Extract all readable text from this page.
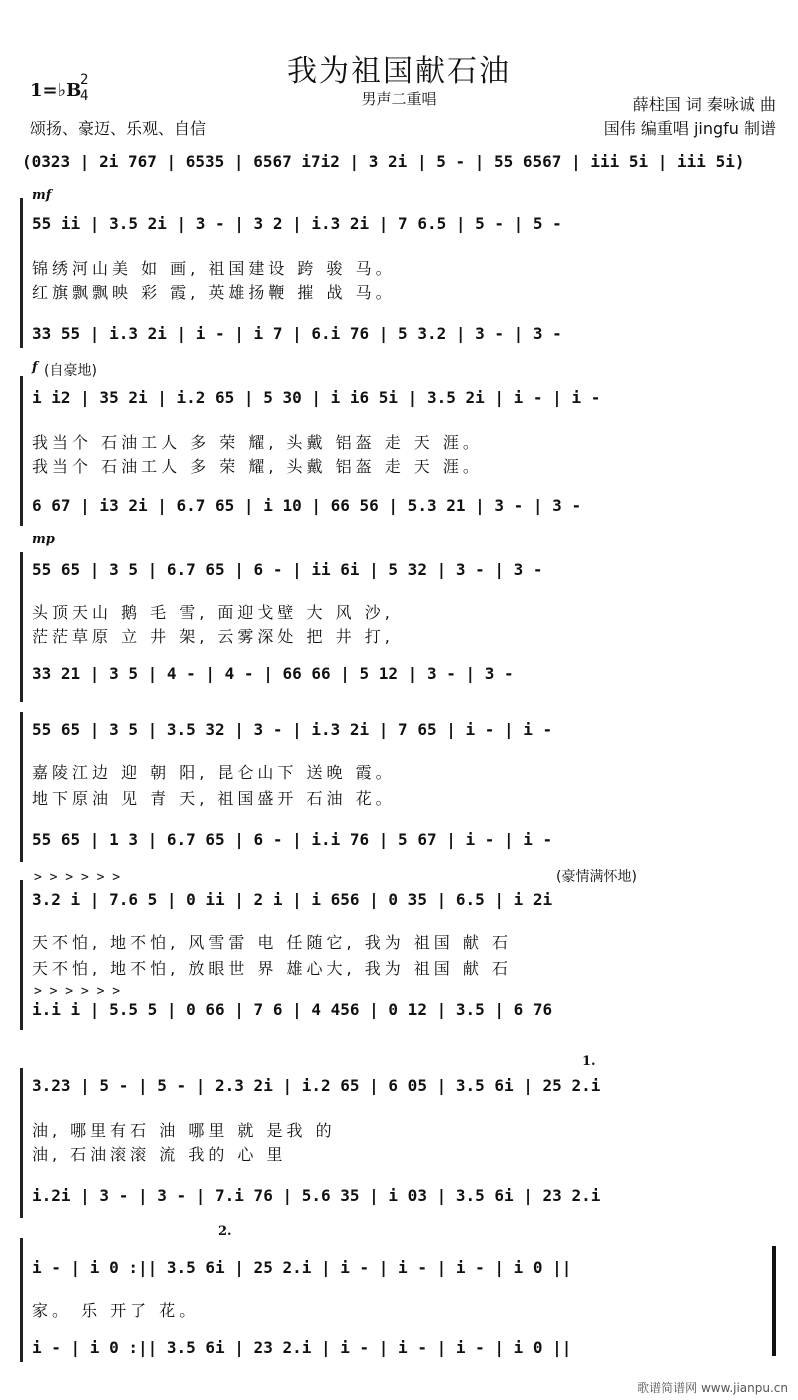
我为祖国献石油
男声二重唱
1=♭B
2
4
颂扬、豪迈、乐观、自信
薛柱国 词 秦咏诚 曲
国伟 编重唱 jingfu 制谱
(0323 | 2i 767 | 6535 | 6567 i7i2 | 3 2i | 5 - | 55 6567 | iii 5i | iii 5i)
mf
55 ii | 3.5 2i | 3 - | 3 2 | i.3 2i | 7 6.5 | 5 - | 5 -
锦绣河山美 如 画, 祖国建设 跨 骏 马。
红旗飘飘映 彩 霞, 英雄扬鞭 摧 战 马。
33 55 | i.3 2i | i - | i 7 | 6.i 76 | 5 3.2 | 3 - | 3 -
f (自豪地)
i i2 | 35 2i | i.2 65 | 5 30 | i i6 5i | 3.5 2i | i - | i -
我当个 石油工人 多 荣 耀, 头戴 铝盔 走 天 涯。
我当个 石油工人 多 荣 耀, 头戴 铝盔 走 天 涯。
6 67 | i3 2i | 6.7 65 | i 10 | 66 56 | 5.3 21 | 3 - | 3 -
mp
55 65 | 3 5 | 6.7 65 | 6 - | ii 6i | 5 32 | 3 - | 3 -
头顶天山 鹅 毛 雪, 面迎戈壁 大 风 沙,
茫茫草原 立 井 架, 云雾深处 把 井 打,
33 21 | 3 5 | 4 - | 4 - | 66 66 | 5 12 | 3 - | 3 -
55 65 | 3 5 | 3.5 32 | 3 - | i.3 2i | 7 65 | i - | i -
嘉陵江边 迎 朝 阳, 昆仑山下 送晚 霞。
地下原油 见 青 天, 祖国盛开 石油 花。
55 65 | 1 3 | 6.7 65 | 6 - | i.i 76 | 5 67 | i - | i -
> > > > > >	(豪情满怀地)
3.2 i | 7.6 5 | 0 ii | 2 i | i 656 | 0 35 | 6.5 | i 2i
天不怕, 地不怕, 风雪雷 电 任随它, 我为 祖国 献 石
天不怕, 地不怕, 放眼世 界 雄心大, 我为 祖国 献 石
> > > > > >
i.i i | 5.5 5 | 0 66 | 7 6 | 4 456 | 0 12 | 3.5 | 6 76
1.
3.23 | 5 - | 5 - | 2.3 2i | i.2 65 | 6 05 | 3.5 6i | 25 2.i
油, 哪里有石 油 哪里 就 是我 的
油, 石油滚滚 流 我的 心 里
i.2i | 3 - | 3 - | 7.i 76 | 5.6 35 | i 03 | 3.5 6i | 23 2.i
2.
i - | i 0 :|| 3.5 6i | 25 2.i | i - | i - | i - | i 0 ||
家。 乐 开了 花。
i - | i 0 :|| 3.5 6i | 23 2.i | i - | i - | i - | i 0 ||
歌谱简谱网 www.jianpu.cn
